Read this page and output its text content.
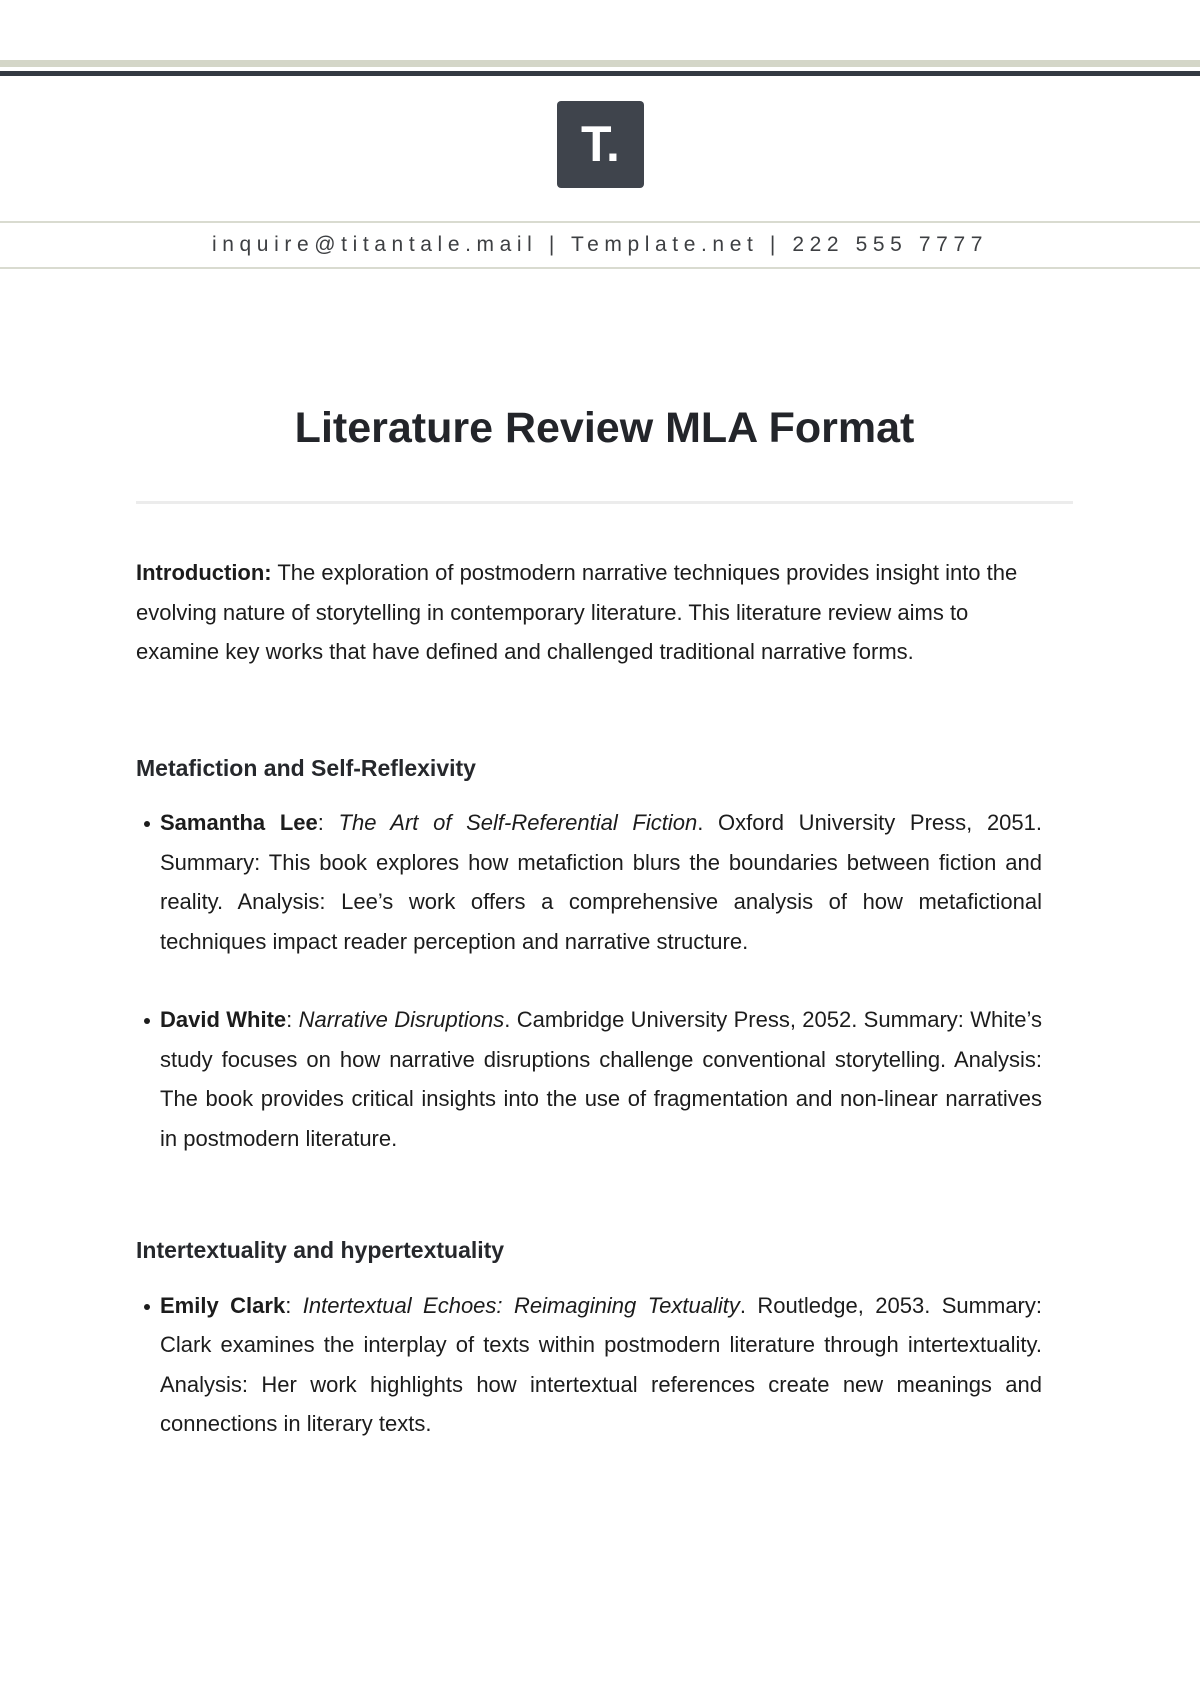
T.
inquire@titantale.mail | Template.net | 222 555 7777
Literature Review MLA Format

Introduction: The exploration of postmodern narrative techniques provides insight into the evolving nature of storytelling in contemporary literature. This literature review aims to examine key works that have defined and challenged traditional narrative forms.

Metafiction and Self-Reflexivity
Samantha Lee: The Art of Self-Referential Fiction. Oxford University Press, 2051. Summary: This book explores how metafiction blurs the boundaries between fiction and reality. Analysis: Lee’s work offers a comprehensive analysis of how metafictional techniques impact reader perception and narrative structure.
David White: Narrative Disruptions. Cambridge University Press, 2052. Summary: White’s study focuses on how narrative disruptions challenge conventional storytelling. Analysis: The book provides critical insights into the use of fragmentation and non-linear narratives in postmodern literature.
Intertextuality and hypertextuality
Emily Clark: Intertextual Echoes: Reimagining Textuality. Routledge, 2053. Summary: Clark examines the interplay of texts within postmodern literature through intertextuality. Analysis: Her work highlights how intertextual references create new meanings and connections in literary texts.
